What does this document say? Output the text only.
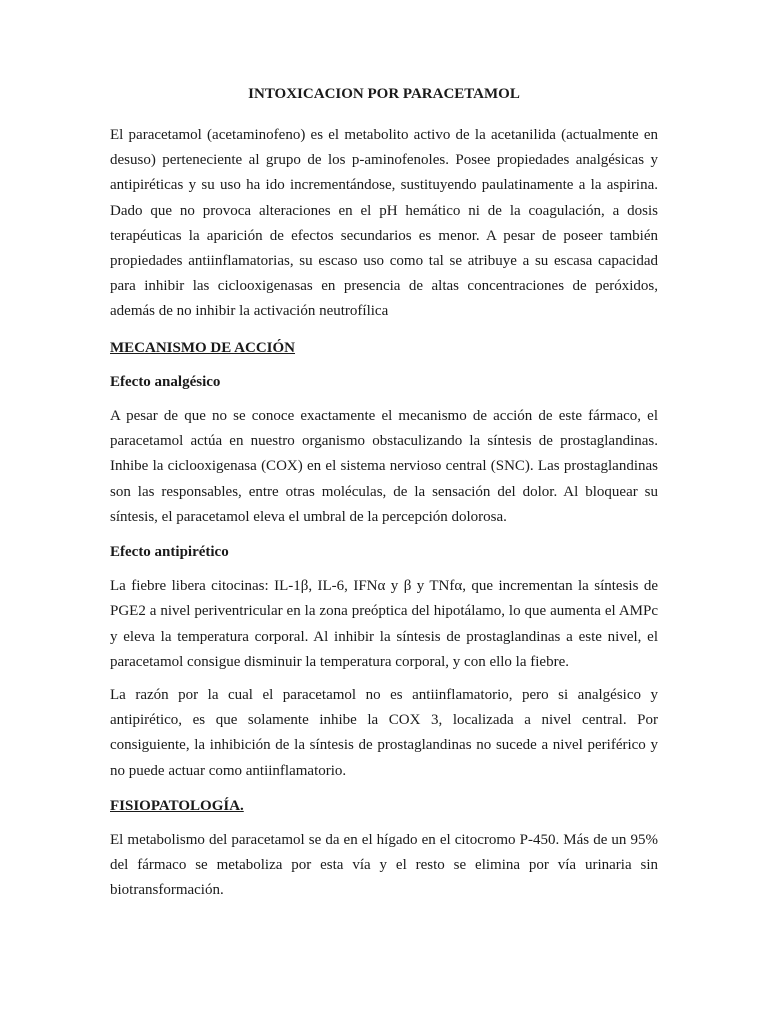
INTOXICACION POR PARACETAMOL

El paracetamol (acetaminofeno) es el metabolito activo de la acetanilida (actualmente en desuso) perteneciente al grupo de los p-aminofenoles. Posee propiedades analgésicas y antipiréticas y su uso ha ido incrementándose, sustituyendo paulatinamente a la aspirina. Dado que no provoca alteraciones en el pH hemático ni de la coagulación, a dosis terapéuticas la aparición de efectos secundarios es menor. A pesar de poseer también propiedades antiinflamatorias, su escaso uso como tal se atribuye a su escasa capacidad para inhibir las ciclooxigenasas en presencia de altas concentraciones de peróxidos, además de no inhibir la activación neutrofílica

MECANISMO DE ACCIÓN
Efecto analgésico

A pesar de que no se conoce exactamente el mecanismo de acción de este fármaco, el paracetamol actúa en nuestro organismo obstaculizando la síntesis de prostaglandinas. Inhibe la ciclooxigenasa (COX) en el sistema nervioso central (SNC). Las prostaglandinas son las responsables, entre otras moléculas, de la sensación del dolor. Al bloquear su síntesis, el paracetamol eleva el umbral de la percepción dolorosa.

Efecto antipirético

La fiebre libera citocinas: IL-1β, IL-6, IFNα y β y TNfα, que incrementan la síntesis de PGE2 a nivel periventricular en la zona preóptica del hipotálamo, lo que aumenta el AMPc y eleva la temperatura corporal. Al inhibir la síntesis de prostaglandinas a este nivel, el paracetamol consigue disminuir la temperatura corporal, y con ello la fiebre.

La razón por la cual el paracetamol no es antiinflamatorio, pero si analgésico y antipirético, es que solamente inhibe la COX 3, localizada a nivel central. Por consiguiente, la inhibición de la síntesis de prostaglandinas no sucede a nivel periférico y no puede actuar como antiinflamatorio.

FISIOPATOLOGÍA.

El metabolismo del paracetamol se da en el hígado en el citocromo P-450. Más de un 95% del fármaco se metaboliza por esta vía y el resto se elimina por vía urinaria sin biotransformación.
